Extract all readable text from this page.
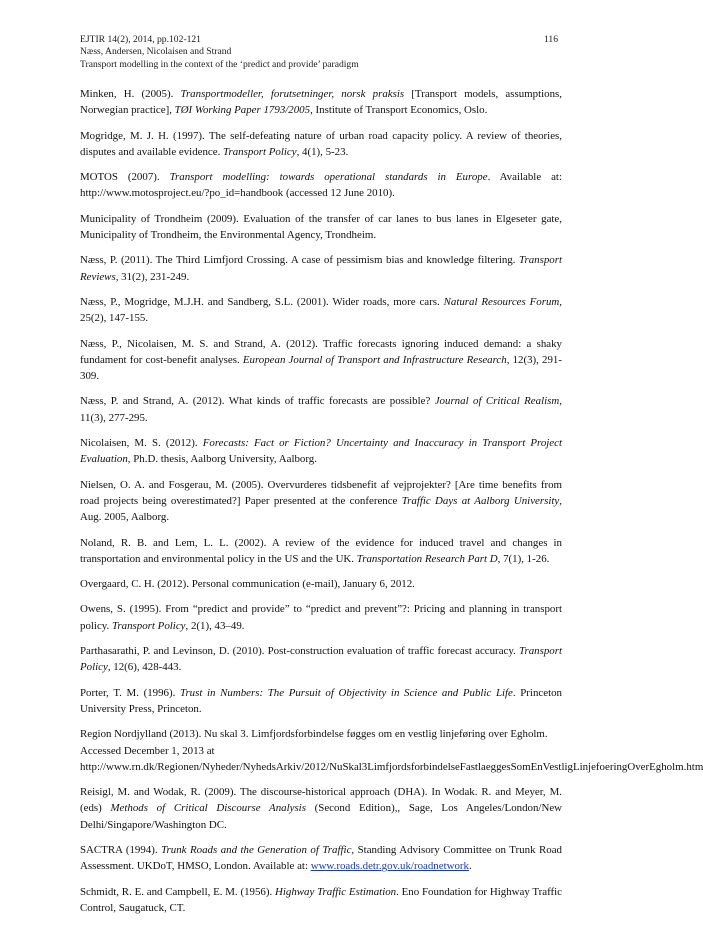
EJTIR 14(2), 2014, pp.102-121
Næss, Andersen, Nicolaisen and Strand
Transport modelling in the context of the ‘predict and provide’ paradigm
116

Minken, H. (2005). Transportmodeller, forutsetninger, norsk praksis [Transport models, assumptions, Norwegian practice], TØI Working Paper 1793/2005, Institute of Transport Economics, Oslo.

Mogridge, M. J. H. (1997). The self-defeating nature of urban road capacity policy. A review of theories, disputes and available evidence. Transport Policy, 4(1), 5-23.

MOTOS (2007). Transport modelling: towards operational standards in Europe. Available at: http://www.motosproject.eu/?po_id=handbook (accessed 12 June 2010).

Municipality of Trondheim (2009). Evaluation of the transfer of car lanes to bus lanes in Elgeseter gate, Municipality of Trondheim, the Environmental Agency, Trondheim.

Næss, P. (2011). The Third Limfjord Crossing. A case of pessimism bias and knowledge filtering. Transport Reviews, 31(2), 231-249.

Næss, P., Mogridge, M.J.H. and Sandberg, S.L. (2001). Wider roads, more cars. Natural Resources Forum, 25(2), 147-155.

Næss, P., Nicolaisen, M. S. and Strand, A. (2012). Traffic forecasts ignoring induced demand: a shaky fundament for cost-benefit analyses. European Journal of Transport and Infrastructure Research, 12(3), 291-309.

Næss, P. and Strand, A. (2012). What kinds of traffic forecasts are possible? Journal of Critical Realism, 11(3), 277-295.

Nicolaisen, M. S. (2012). Forecasts: Fact or Fiction? Uncertainty and Inaccuracy in Transport Project Evaluation, Ph.D. thesis, Aalborg University, Aalborg.

Nielsen, O. A. and Fosgerau, M. (2005). Overvurderes tidsbenefit af vejprojekter? [Are time benefits from road projects being overestimated?] Paper presented at the conference Traffic Days at Aalborg University, Aug. 2005, Aalborg.

Noland, R. B. and Lem, L. L. (2002). A review of the evidence for induced travel and changes in transportation and environmental policy in the US and the UK. Transportation Research Part D, 7(1), 1-26.

Overgaard, C. H. (2012). Personal communication (e-mail), January 6, 2012.

Owens, S. (1995). From “predict and provide” to “predict and prevent”?: Pricing and planning in transport policy. Transport Policy, 2(1), 43–49.

Parthasarathi, P. and Levinson, D. (2010). Post-construction evaluation of traffic forecast accuracy. Transport Policy, 12(6), 428-443.

Porter, T. M. (1996). Trust in Numbers: The Pursuit of Objectivity in Science and Public Life. Princeton University Press, Princeton.

Region Nordjylland (2013). Nu skal 3. Limfjordsforbindelse føgges om en vestlig linjeføring over Egholm. Accessed December 1, 2013 at http://www.rn.dk/Regionen/Nyheder/NyhedsArkiv/2012/NuSkal3LimfjordsforbindelseFastlaeggesSomEnVestligLinjefoeringOverEgholm.htm

Reisigl, M. and Wodak, R. (2009). The discourse-historical approach (DHA). In Wodak. R. and Meyer, M. (eds) Methods of Critical Discourse Analysis (Second Edition),, Sage, Los Angeles/London/New Delhi/Singapore/Washington DC.

SACTRA (1994). Trunk Roads and the Generation of Traffic, Standing Advisory Committee on Trunk Road Assessment. UKDoT, HMSO, London. Available at: www.roads.detr.gov.uk/roadnetwork.

Schmidt, R. E. and Campbell, E. M. (1956). Highway Traffic Estimation. Eno Foundation for Highway Traffic Control, Saugatuck, CT.
